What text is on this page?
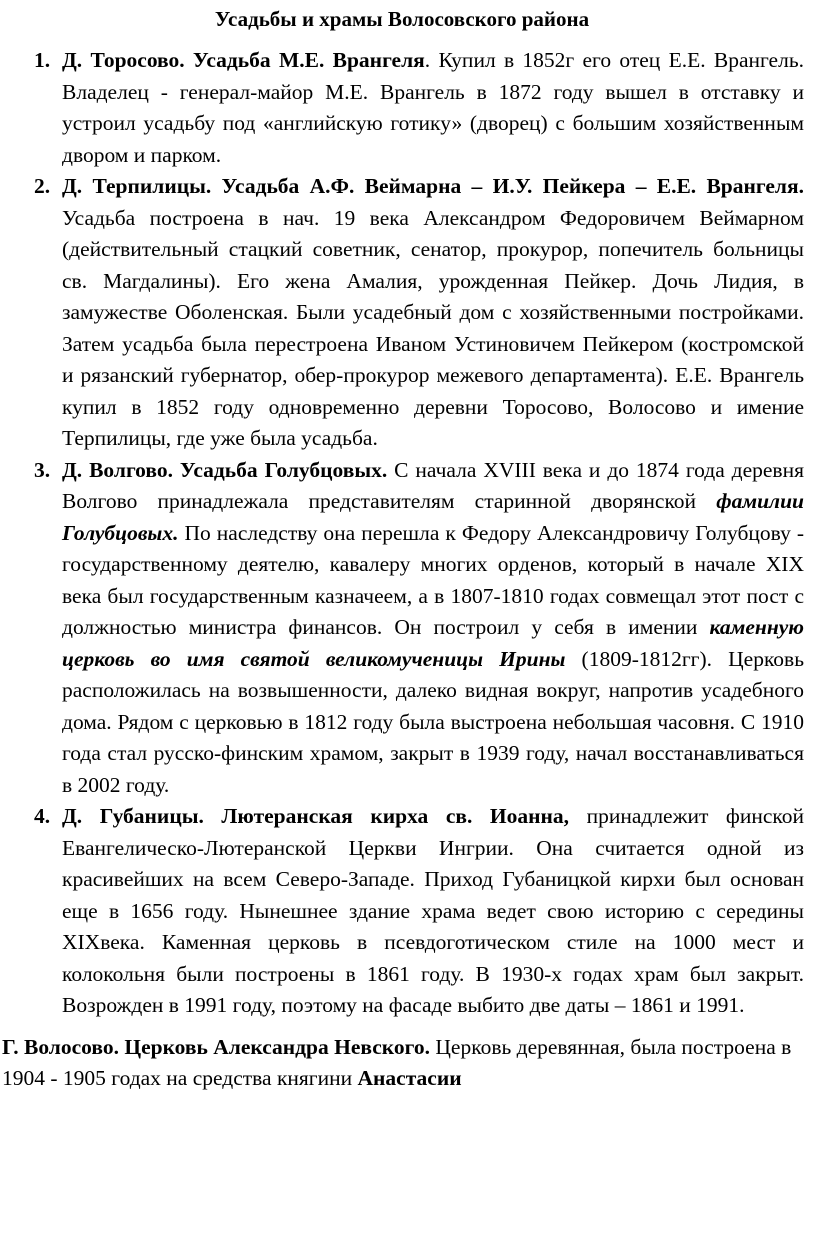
Усадьбы и храмы Волосовского района
1. Д. Торосово. Усадьба М.Е. Врангеля. Купил в 1852г его отец Е.Е. Врангель. Владелец - генерал-майор М.Е. Врангель в 1872 году вышел в отставку и устроил усадьбу под «английскую готику» (дворец) с большим хозяйственным двором и парком.

2. Д. Терпилицы. Усадьба А.Ф. Веймарна – И.У. Пейкера – Е.Е. Врангеля. Усадьба построена в нач. 19 века Александром Федоровичем Веймарном (действительный стацкий советник, сенатор, прокурор, попечитель больницы св. Магдалины). Его жена Амалия, урожденная Пейкер. Дочь Лидия, в замужестве Оболенская. Были усадебный дом с хозяйственными постройками. Затем усадьба была перестроена Иваном Устиновичем Пейкером (костромской и рязанский губернатор, обер-прокурор межевого департамента). Е.Е. Врангель купил в 1852 году одновременно деревни Торосово, Волосово и имение Терпилицы, где уже была усадьба.

3. Д. Волгово. Усадьба Голубцовых. С начала XVIII века и до 1874 года деревня Волгово принадлежала представителям старинной дворянской фамилии Голубцовых. По наследству она перешла к Федору Александровичу Голубцову - государственному деятелю, кавалеру многих орденов, который в начале XIX века был государственным казначеем, а в 1807-1810 годах совмещал этот пост с должностью министра финансов. Он построил у себя в имении каменную церковь во имя святой великомученицы Ирины (1809-1812гг). Церковь расположилась на возвышенности, далеко видная вокруг, напротив усадебного дома. Рядом с церковью в 1812 году была выстроена небольшая часовня. С 1910 года стал русско-финским храмом, закрыт в 1939 году, начал восстанавливаться в 2002 году.

4. Д. Губаницы. Лютеранская кирха св. Иоанна, принадлежит финской Евангелическо-Лютеранской Церкви Ингрии. Она считается одной из красивейших на всем Северо-Западе. Приход Губаницкой кирхи был основан еще в 1656 году. Нынешнее здание храма ведет свою историю с середины XIXвека. Каменная церковь в псевдоготическом стиле на 1000 мест и колокольня были построены в 1861 году. В 1930-х годах храм был закрыт. Возрожден в 1991 году, поэтому на фасаде выбито две даты – 1861 и 1991.

Г. Волосово. Церковь Александра Невского. Церковь деревянная, была построена в 1904 - 1905 годах на средства княгини Анастасии
